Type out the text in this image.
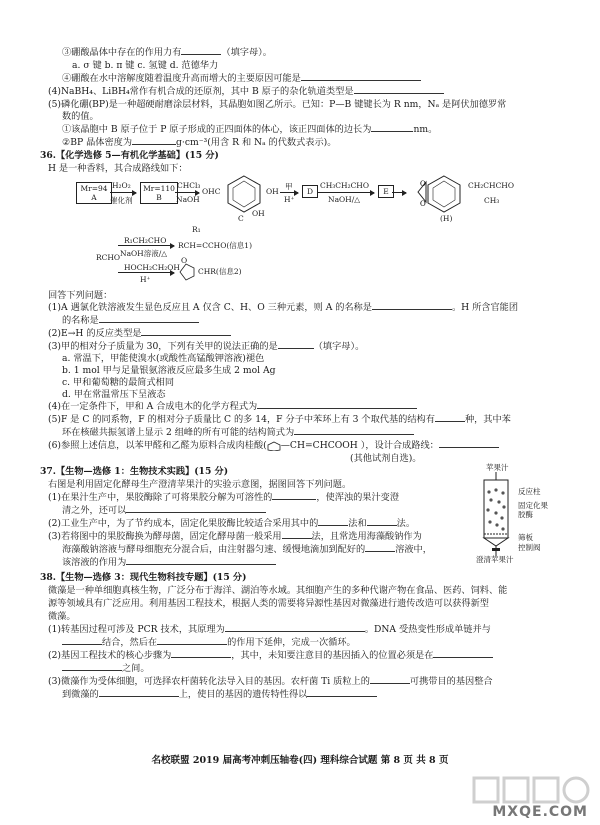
③硼酸晶体中存在的作用力有	（填字母）。
a. σ 键 b. π 键 c. 氢键 d. 范德华力
④硼酸在水中溶解度随着温度升高而增大的主要原因可能是
(4)NaBH₄、LiBH₄常作有机合成的还原剂，其中 B 原子的杂化轨道类型是
(5)磷化硼(BP)是一种超硬耐磨涂层材料，其晶胞如图乙所示。已知：P—B 键键长为 R nm，Nₐ 是阿伏加德罗常
数的值。
①该晶胞中 B 原子位于 P 原子形成的正四面体的体心，该正四面体的边长为	nm。
②BP 晶体密度为	g·cm⁻³(用含 R 和 Nₐ 的代数式表示)。
36.【化学选修 5—有机化学基础】(15 分)
H 是一种香料，其合成路线如下：
Mr=94
A
H₂O₂
催化剂
Mr=110
B
CHCl₃
NaOH
OHC	OH
OH
C
甲
H⁺
D
CH₃CH₂CHO
NaOH/△
E
O
O
CH₂CHCHO
CH₃
(H)
R₁
R₁CH₂CHO
NaOH溶液/△
RCH=CCHO(信息1)
RCHO
HOCH₂CH₂OH
H⁺
O
CHR(信息2)
回答下列问题：
(1)A 遇氯化铁溶液发生显色反应且 A 仅含 C、H、O 三种元素，则 A 的名称是	。H 所含官能团
的名称是
(2)E→H 的反应类型是
(3)甲的相对分子质量为 30，下列有关甲的说法正确的是	（填字母）。
a. 常温下，甲能使溴水(或酸性高锰酸钾溶液)褪色
b. 1 mol 甲与足量银氨溶液反应最多生成 2 mol Ag
c. 甲和葡萄糖的最简式相同
d. 甲在常温常压下呈液态
(4)在一定条件下，甲和 A 合成电木的化学方程式为
(5)F 是 C 的同系物，F 的相对分子质量比 C 的多 14，F 分子中苯环上有 3 个取代基的结构有	种，其中苯
环在核磁共振氢谱上显示 2 组峰的所有可能的结构简式为
(6)参照上述信息，以苯甲醛和乙醛为原料合成肉桂酸( —CH=CHCOOH ），设计合成路线：
(其他试剂自选)。
37.【生物—选修 1：生物技术实践】(15 分)
右图是利用固定化酵母生产澄清苹果汁的实验示意图，据图回答下列问题。
(1)在果汁生产中，果胶酶除了可将果胶分解为可溶性的	，使浑浊的果汁变澄
清之外，还可以
(2)工业生产中，为了节约成本，固定化果胶酶比较适合采用其中的	法和	法。
(3)若将图中的果胶酶换为酵母菌，固定化酵母菌一般采用	法，且常选用海藻酸钠作为
海藻酸钠溶液与酵母细胞充分混合后，由注射器匀速、缓慢地滴加到配好的	溶液中，
该溶液的作用为
苹果汁
反应柱
固定化果
胶酶
筛板
控制阀
澄清苹果汁
38.【生物—选修 3：现代生物科技专题】(15 分)
微藻是一种单细胞真核生物，广泛分布于海洋、湖泊等水域。其细胞产生的多种代谢产物在食品、医药、饲料、能
源等领域具有广泛应用。利用基因工程技术，根据人类的需要将异源性基因对微藻进行遗传改造可以获得新型
微藻。
(1)转基因过程可涉及 PCR 技术，其原理为	。DNA 受热变性形成单链并与
结合，然后在	的作用下延伸，完成一次循环。
(2)基因工程技术的核心步骤为	，其中，未知要注意目的基因插入的位置必须是在
之间。
(3)微藻作为受体细胞，可选择农杆菌转化法导入目的基因。农杆菌 Ti 质粒上的	可携带目的基因整合
到微藻的	上，使目的基因的遗传特性得以
名校联盟 2019 届高考冲刺压轴卷(四) 理科综合试题 第 8 页 共 8 页
MXQE.COM
